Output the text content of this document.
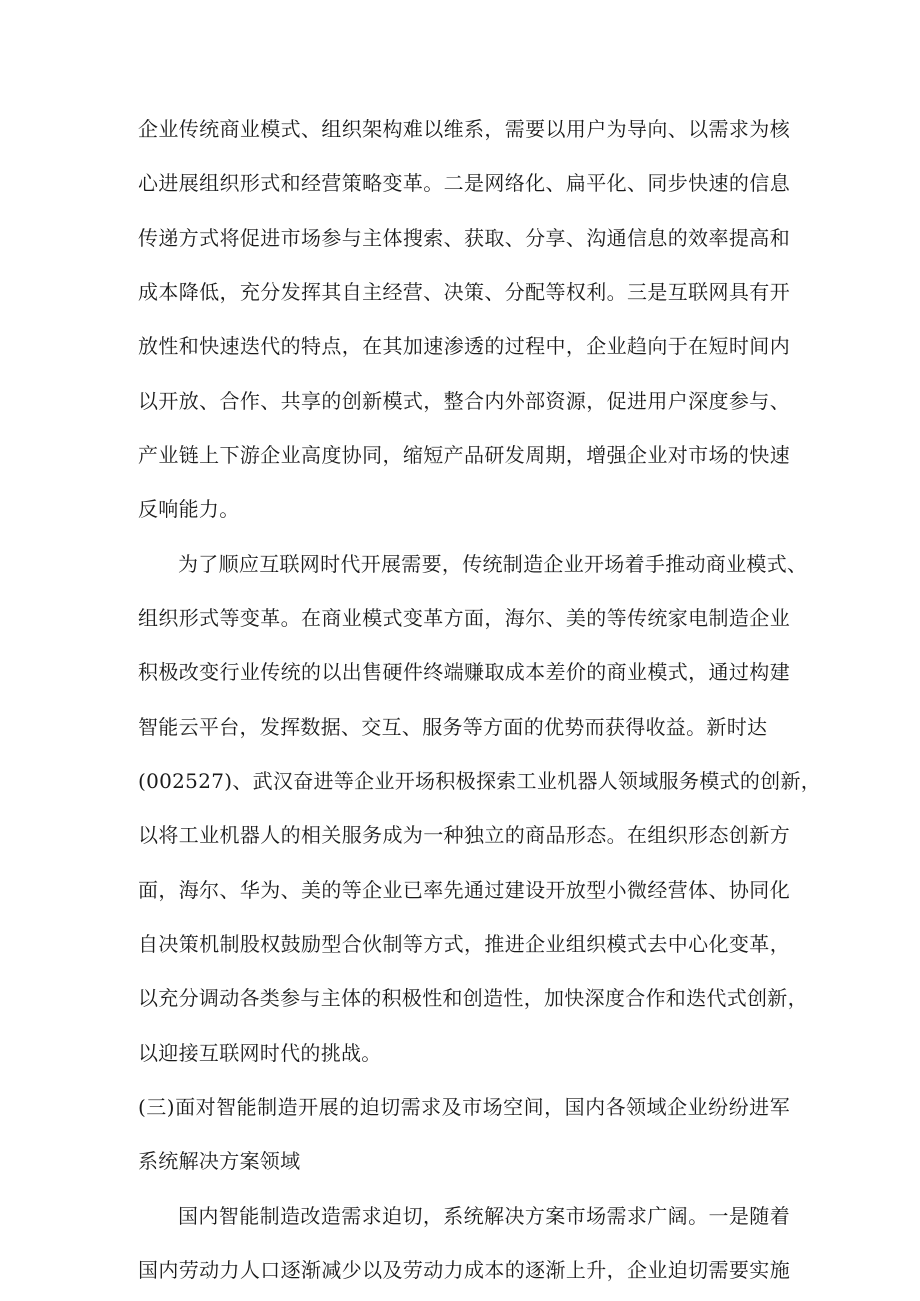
企业传统商业模式、组织架构难以维系，需要以用户为导向、以需求为核
心进展组织形式和经营策略变革。二是网络化、扁平化、同步快速的信息
传递方式将促进市场参与主体搜索、获取、分享、沟通信息的效率提高和
成本降低，充分发挥其自主经营、决策、分配等权利。三是互联网具有开
放性和快速迭代的特点，在其加速渗透的过程中，企业趋向于在短时间内
以开放、合作、共享的创新模式，整合内外部资源，促进用户深度参与、
产业链上下游企业高度协同，缩短产品研发周期，增强企业对市场的快速
反响能力。
为了顺应互联网时代开展需要，传统制造企业开场着手推动商业模式、
组织形式等变革。在商业模式变革方面，海尔、美的等传统家电制造企业
积极改变行业传统的以出售硬件终端赚取成本差价的商业模式，通过构建
智能云平台，发挥数据、交互、服务等方面的优势而获得收益。新时达
(002527)、武汉奋进等企业开场积极探索工业机器人领域服务模式的创新，
以将工业机器人的相关服务成为一种独立的商品形态。在组织形态创新方
面，海尔、华为、美的等企业已率先通过建设开放型小微经营体、协同化
自决策机制股权鼓励型合伙制等方式，推进企业组织模式去中心化变革，
以充分调动各类参与主体的积极性和创造性，加快深度合作和迭代式创新，
以迎接互联网时代的挑战。
(三)面对智能制造开展的迫切需求及市场空间，国内各领域企业纷纷进军
系统解决方案领域
国内智能制造改造需求迫切，系统解决方案市场需求广阔。一是随着
国内劳动力人口逐渐减少以及劳动力成本的逐渐上升，企业迫切需要实施
